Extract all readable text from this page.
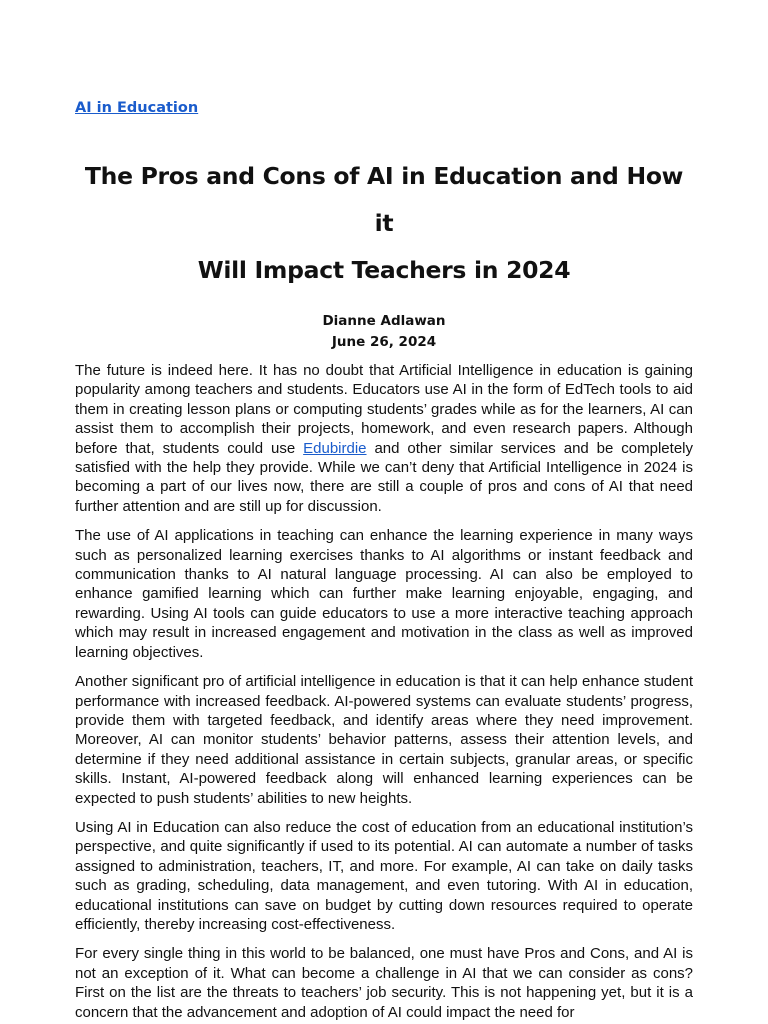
AI in Education
The Pros and Cons of AI in Education and How it
Will Impact Teachers in 2024
Dianne Adlawan
June 26, 2024

The future is indeed here. It has no doubt that Artificial Intelligence in education is gaining popularity among teachers and students. Educators use AI in the form of EdTech tools to aid them in creating lesson plans or computing students’ grades while as for the learners, AI can assist them to accomplish their projects, homework, and even research papers. Although before that, students could use Edubirdie and other similar services and be completely satisfied with the help they provide. While we can’t deny that Artificial Intelligence in 2024 is becoming a part of our lives now, there are still a couple of pros and cons of AI that need further attention and are still up for discussion.

The use of AI applications in teaching can enhance the learning experience in many ways such as personalized learning exercises thanks to AI algorithms or instant feedback and communication thanks to AI natural language processing. AI can also be employed to enhance gamified learning which can further make learning enjoyable, engaging, and rewarding. Using AI tools can guide educators to use a more interactive teaching approach which may result in increased engagement and motivation in the class as well as improved learning objectives.

Another significant pro of artificial intelligence in education is that it can help enhance student performance with increased feedback. AI-powered systems can evaluate students’ progress, provide them with targeted feedback, and identify areas where they need improvement. Moreover, AI can monitor students’ behavior patterns, assess their attention levels, and determine if they need additional assistance in certain subjects, granular areas, or specific skills. Instant, AI-powered feedback along will enhanced learning experiences can be expected to push students’ abilities to new heights.

Using AI in Education can also reduce the cost of education from an educational institution’s perspective, and quite significantly if used to its potential. AI can automate a number of tasks assigned to administration, teachers, IT, and more. For example, AI can take on daily tasks such as grading, scheduling, data management, and even tutoring. With AI in education, educational institutions can save on budget by cutting down resources required to operate efficiently, thereby increasing cost-effectiveness.

For every single thing in this world to be balanced, one must have Pros and Cons, and AI is not an exception of it. What can become a challenge in AI that we can consider as cons? First on the list are the threats to teachers’ job security. This is not happening yet, but it is a concern that the advancement and adoption of AI could impact the need for
